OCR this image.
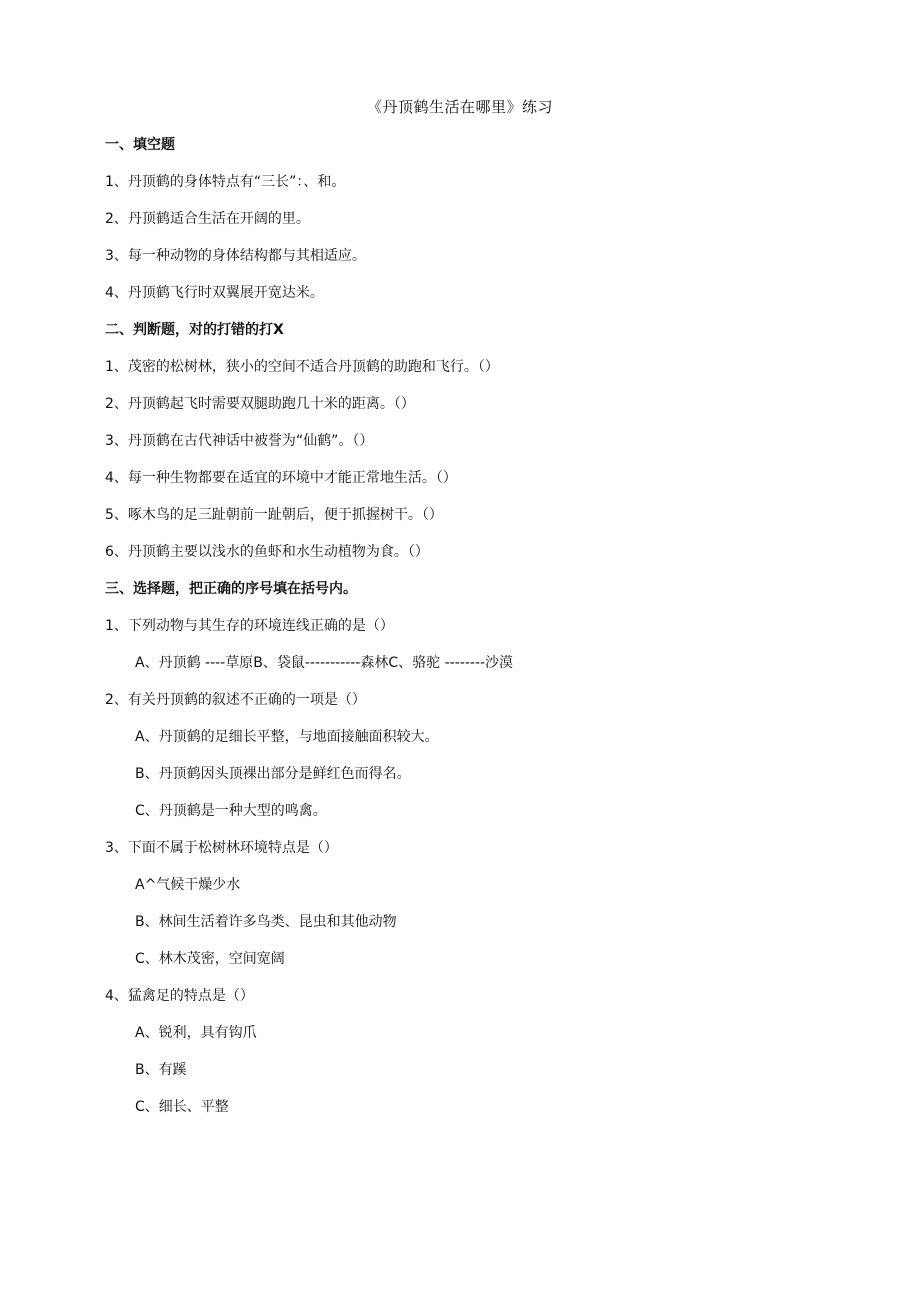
《丹顶鹤生活在哪里》练习
一、填空题
1、丹顶鹤的身体特点有“三长”：、和。
2、丹顶鹤适合生活在开阔的里。
3、每一种动物的身体结构都与其相适应。
4、丹顶鹤飞行时双翼展开宽达米。
二、判断题，对的打错的打X
1、茂密的松树林，狭小的空间不适合丹顶鹤的助跑和飞行。（）
2、丹顶鹤起飞时需要双腿助跑几十米的距离。（）
3、丹顶鹤在古代神话中被誉为“仙鹤”。（）
4、每一种生物都要在适宜的环境中才能正常地生活。（）
5、啄木鸟的足三趾朝前一趾朝后，便于抓握树干。（）
6、丹顶鹤主要以浅水的鱼虾和水生动植物为食。（）
三、选择题，把正确的序号填在括号内。
1、下列动物与其生存的环境连线正确的是（）
A、丹顶鹤 ----草原B、袋鼠-----------森林C、骆驼 --------沙漠
2、有关丹顶鹤的叙述不正确的一项是（）
A、丹顶鹤的足细长平整，与地面接触面积较大。
B、丹顶鹤因头顶裸出部分是鲜红色而得名。
C、丹顶鹤是一种大型的鸣禽。
3、下面不属于松树林环境特点是（）
A^气候干燥少水
B、林间生活着许多鸟类、昆虫和其他动物
C、林木茂密，空间宽阔
4、猛禽足的特点是（）
A、锐利，具有钩爪
B、有蹊
C、细长、平整
